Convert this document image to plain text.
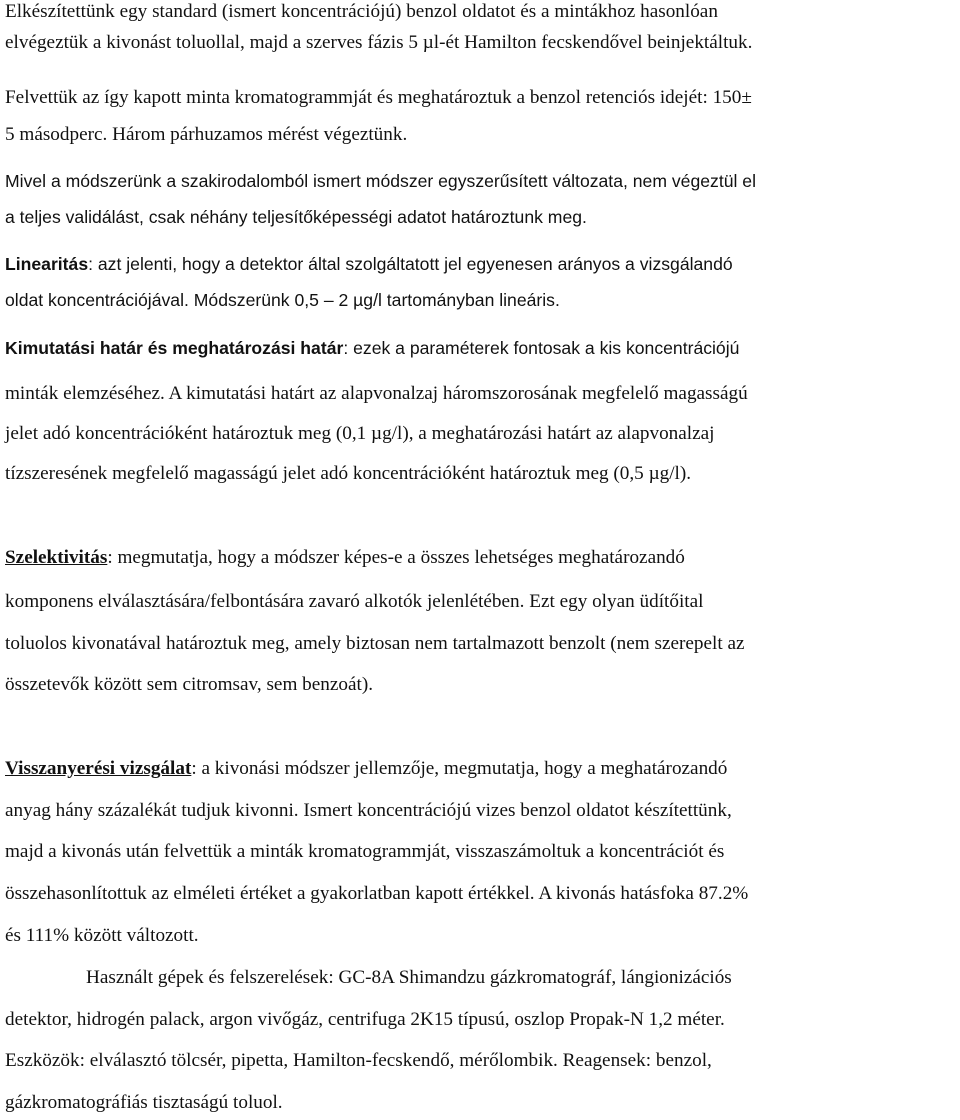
Elkészítettünk egy standard (ismert koncentrációjú) benzol oldatot és a mintákhoz hasonlóan
elvégeztük a kivonást toluollal, majd a szerves fázis 5 µl-ét Hamilton fecskendővel beinjektáltuk.
Felvettük az így kapott minta kromatogrammját és meghatároztuk a benzol retenciós idejét: 150±
5 másodperc. Három párhuzamos mérést végeztünk.
Mivel a módszerünk a szakirodalomból ismert módszer egyszerűsített változata, nem végeztül el
a teljes validálást, csak néhány teljesítőképességi adatot határoztunk meg.
Linearitás: azt jelenti, hogy a detektor által szolgáltatott jel egyenesen arányos a vizsgálandó
oldat koncentrációjával. Módszerünk 0,5 – 2 µg/l tartományban lineáris.
Kimutatási határ és meghatározási határ: ezek a paraméterek fontosak a kis koncentrációjú
minták elemzéséhez. A kimutatási határt az alapvonalzaj háromszorosának megfelelő magasságú
jelet adó koncentrációként határoztuk meg (0,1 µg/l), a meghatározási határt az alapvonalzaj
tízszeresének megfelelő magasságú jelet adó koncentrációként határoztuk meg (0,5 µg/l).
Szelektivitás: megmutatja, hogy a módszer képes-e a összes lehetséges meghatározandó
komponens elválasztására/felbontására zavaró alkotók jelenlétében. Ezt egy olyan üdítőital
toluolos kivonatával határoztuk meg, amely biztosan nem tartalmazott benzolt (nem szerepelt az
összetevők között sem citromsav, sem benzoát).
Visszanyerési vizsgálat: a kivonási módszer jellemzője, megmutatja, hogy a meghatározandó
anyag hány százalékát tudjuk kivonni. Ismert koncentrációjú vizes benzol oldatot készítettünk,
majd a kivonás után felvettük a minták kromatogrammját, visszaszámoltuk a koncentrációt és
összehasonlítottuk az elméleti értéket a gyakorlatban kapott értékkel. A kivonás hatásfoka 87.2%
és 111% között változott.
Használt gépek és felszerelések: GC-8A Shimandzu gázkromatográf, lángionizációs
detektor, hidrogén palack, argon vivőgáz, centrifuga 2K15 típusú, oszlop Propak-N 1,2 méter.
Eszközök: elválasztó tölcsér, pipetta, Hamilton-fecskendő, mérőlombik. Reagensek: benzol,
gázkromatográfiás tisztaságú toluol.
